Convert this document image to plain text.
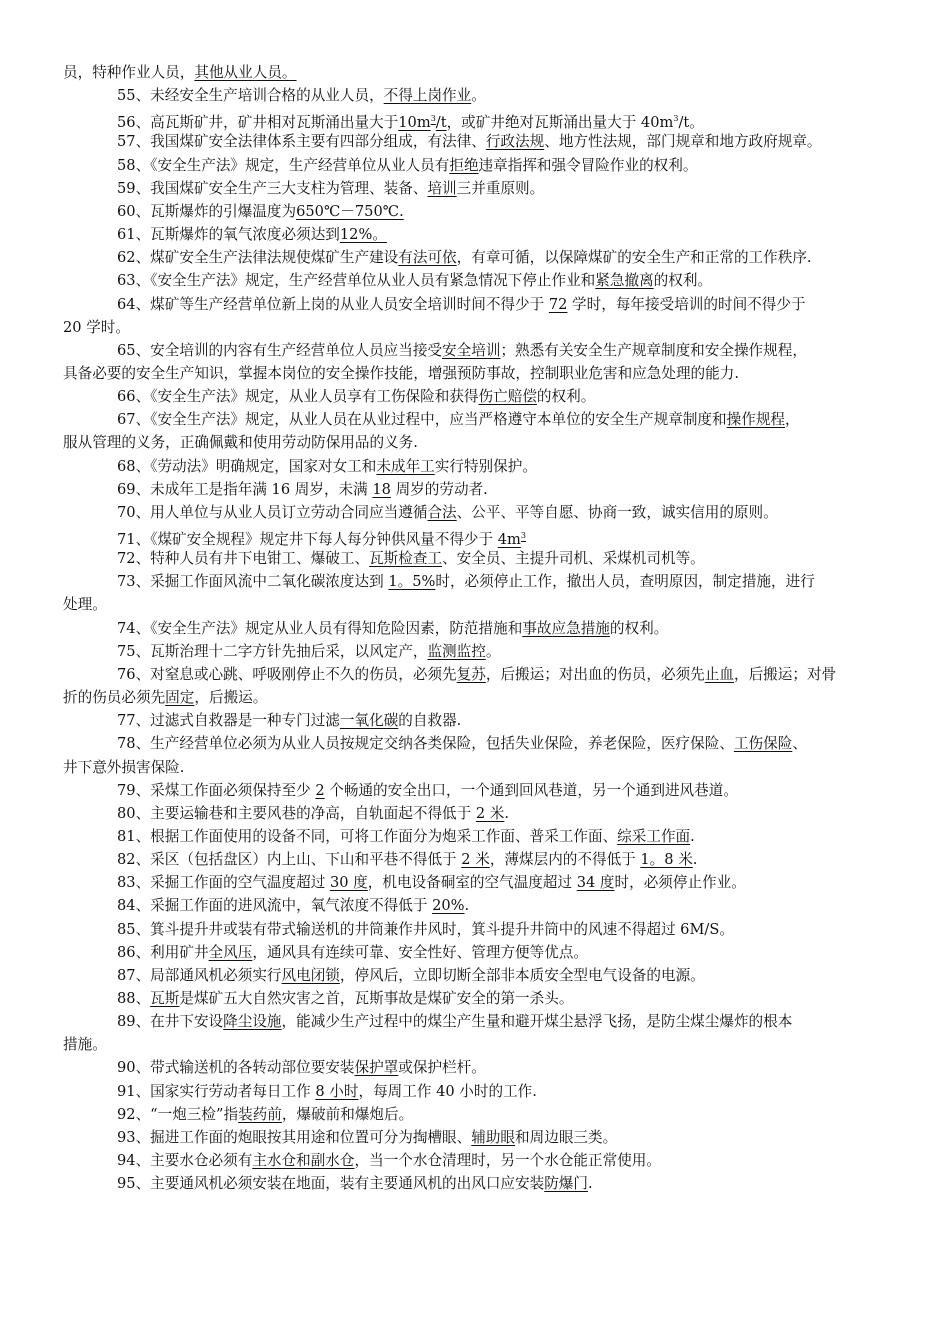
员，特种作业人员，其他从业人员。
55、未经安全生产培训合格的从业人员，不得上岗作业。
56、高瓦斯矿井，矿井相对瓦斯涌出量大于$10m^3/t$，或矿井绝对瓦斯涌出量大于 $40m^3/t$。
57、我国煤矿安全法律体系主要有四部分组成，有法律、行政法规、地方性法规，部门规章和地方政府规章。
58、《安全生产法》规定，生产经营单位从业人员有拒绝违章指挥和强令冒险作业的权利。
59、我国煤矿安全生产三大支柱为管理、装备、培训三并重原则。
60、瓦斯爆炸的引爆温度为650℃－750℃.
61、瓦斯爆炸的氧气浓度必须达到12%。
62、煤矿安全生产法律法规使煤矿生产建设有法可依，有章可循，以保障煤矿的安全生产和正常的工作秩序.
63、《安全生产法》规定，生产经营单位从业人员有紧急情况下停止作业和紧急撤离的权利。
64、煤矿等生产经营单位新上岗的从业人员安全培训时间不得少于 72 学时，每年接受培训的时间不得少于
20 学时。
65、安全培训的内容有生产经营单位人员应当接受安全培训；熟悉有关安全生产规章制度和安全操作规程，
具备必要的安全生产知识，掌握本岗位的安全操作技能，增强预防事故，控制职业危害和应急处理的能力.
66、《安全生产法》规定，从业人员享有工伤保险和获得伤亡赔偿的权利。
67、《安全生产法》规定，从业人员在从业过程中，应当严格遵守本单位的安全生产规章制度和操作规程，
服从管理的义务，正确佩戴和使用劳动防保用品的义务.
68、《劳动法》明确规定，国家对女工和未成年工实行特别保护。
69、未成年工是指年满 16 周岁，未满 18 周岁的劳动者.
70、用人单位与从业人员订立劳动合同应当遵循合法、公平、平等自愿、协商一致，诚实信用的原则。
71、《煤矿安全规程》规定井下每人每分钟供风量不得少于 $4m^3$
72、特种人员有井下电钳工、爆破工、瓦斯检查工、安全员、主提升司机、采煤机司机等。
73、采掘工作面风流中二氧化碳浓度达到 1。5%时，必须停止工作，撤出人员，查明原因，制定措施，进行
处理。
74、《安全生产法》规定从业人员有得知危险因素，防范措施和事故应急措施的权利。
75、瓦斯治理十二字方针先抽后采，以风定产，监测监控。
76、对窒息或心跳、呼吸刚停止不久的伤员，必须先复苏，后搬运；对出血的伤员，必须先止血，后搬运；对骨
折的伤员必须先固定，后搬运。
77、过滤式自救器是一种专门过滤一氧化碳的自救器.
78、生产经营单位必须为从业人员按规定交纳各类保险，包括失业保险，养老保险，医疗保险、工伤保险、
井下意外损害保险.
79、采煤工作面必须保持至少 2 个畅通的安全出口，一个通到回风巷道，另一个通到进风巷道。
80、主要运输巷和主要风巷的净高，自轨面起不得低于 2 米.
81、根据工作面使用的设备不同，可将工作面分为炮采工作面、普采工作面、综采工作面.
82、采区（包括盘区）内上山、下山和平巷不得低于 2 米，薄煤层内的不得低于 1。8 米.
83、采掘工作面的空气温度超过 30 度，机电设备硐室的空气温度超过 34 度时，必须停止作业。
84、采掘工作面的进风流中，氧气浓度不得低于 20%.
85、箕斗提升井或装有带式输送机的井筒兼作井风时，箕斗提升井筒中的风速不得超过 6M/S。
86、利用矿井全风压，通风具有连续可靠、安全性好、管理方便等优点。
87、局部通风机必须实行风电闭锁，停风后，立即切断全部非本质安全型电气设备的电源。
88、瓦斯是煤矿五大自然灾害之首，瓦斯事故是煤矿安全的第一杀头。
89、在井下安设降尘设施，能减少生产过程中的煤尘产生量和避开煤尘悬浮飞扬，是防尘煤尘爆炸的根本
措施。
90、带式输送机的各转动部位要安装保护罩或保护栏杆。
91、国家实行劳动者每日工作 8 小时，每周工作 40 小时的工作.
92、“一炮三检”指装药前，爆破前和爆炮后。
93、掘进工作面的炮眼按其用途和位置可分为掏槽眼、辅助眼和周边眼三类。
94、主要水仓必须有主水仓和副水仓，当一个水仓清理时，另一个水仓能正常使用。
95、主要通风机必须安装在地面，装有主要通风机的出风口应安装防爆门.
